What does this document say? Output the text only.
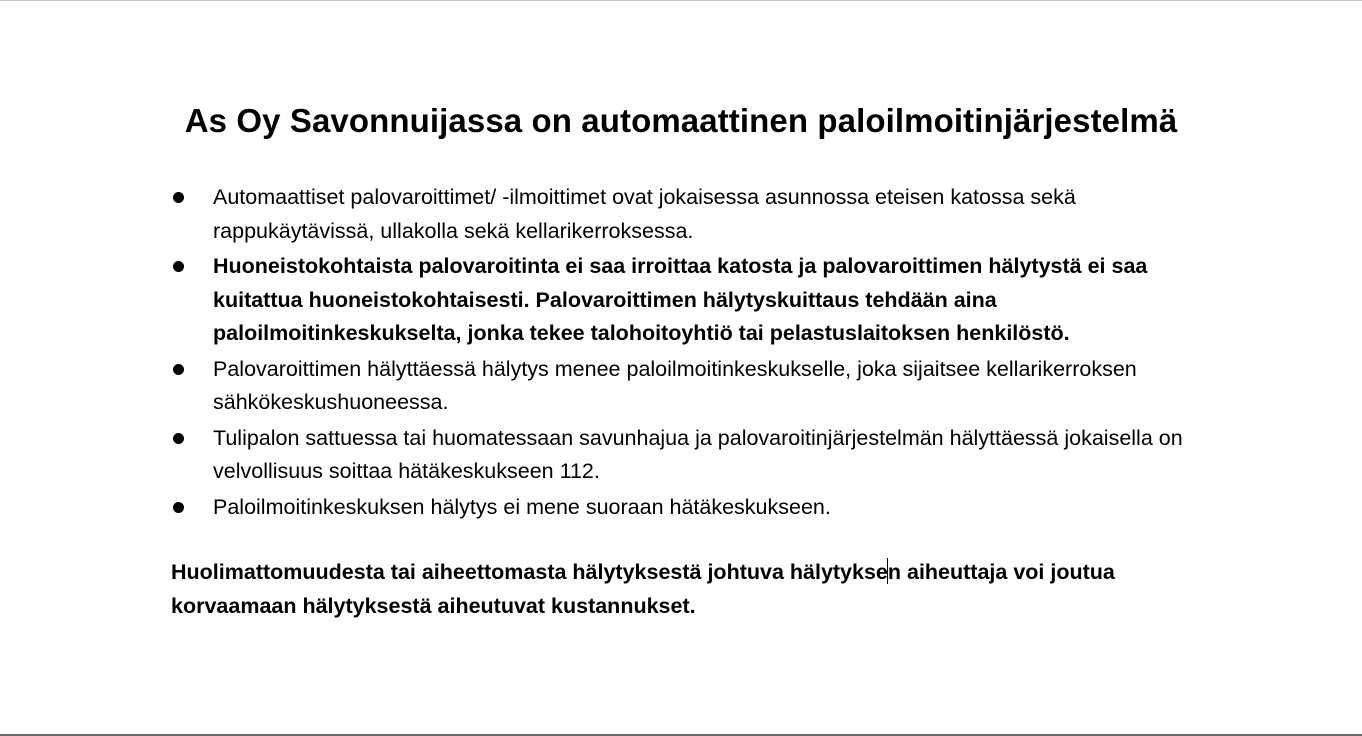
As Oy Savonnuijassa on automaattinen paloilmoitinjärjestelmä
Automaattiset palovaroittimet/ -ilmoittimet ovat jokaisessa asunnossa eteisen katossa sekä rappukäytävissä, ullakolla sekä kellarikerroksessa.
Huoneistokohtaista palovaroitinta ei saa irroittaa katosta ja palovaroittimen hälytystä ei saa kuitattua huoneistokohtaisesti. Palovaroittimen hälytyskuittaus tehdään aina paloilmoitinkeskukselta, jonka tekee talohoitoyhtiö tai pelastuslaitoksen henkilöstö.
Palovaroittimen hälyttäessä hälytys menee paloilmoitinkeskukselle, joka sijaitsee kellarikerroksen sähkökeskushuoneessa.
Tulipalon sattuessa tai huomatessaan savunhajua ja palovaroitinjärjestelmän hälyttäessä jokaisella on velvollisuus soittaa hätäkeskukseen 112.
Paloilmoitinkeskuksen hälytys ei mene suoraan hätäkeskukseen.

Huolimattomuudesta tai aiheettomasta hälytyksestä johtuva hälytyksen aiheuttaja voi joutua korvaamaan hälytyksestä aiheutuvat kustannukset.
